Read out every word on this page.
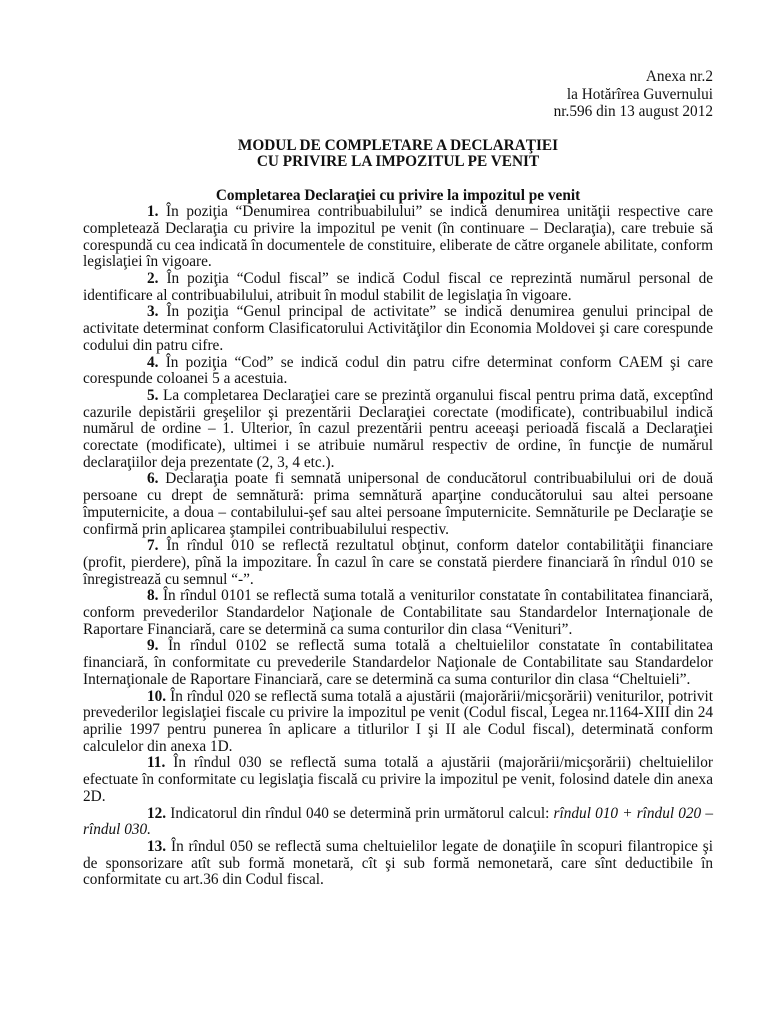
Anexa nr.2
la Hotărîrea Guvernului
nr.596 din 13 august 2012
MODUL DE COMPLETARE A DECLARAŢIEI
CU PRIVIRE LA IMPOZITUL PE VENIT
Completarea Declaraţiei cu privire la impozitul pe venit

1. În poziţia “Denumirea contribuabilului” se indică denumirea unităţii respective care completează Declaraţia cu privire la impozitul pe venit (în continuare – Declaraţia), care trebuie să corespundă cu cea indicată în documentele de constituire, eliberate de către organele abilitate, conform legislaţiei în vigoare.

2. În poziţia “Codul fiscal” se indică Codul fiscal ce reprezintă numărul personal de identificare al contribuabilului, atribuit în modul stabilit de legislaţia în vigoare.

3. În poziţia “Genul principal de activitate” se indică denumirea genului principal de activitate determinat conform Clasificatorului Activităţilor din Economia Moldovei şi care corespunde codului din patru cifre.

4. În poziţia “Cod” se indică codul din patru cifre determinat conform CAEM şi care corespunde coloanei 5 a acestuia.

5. La completarea Declaraţiei care se prezintă organului fiscal pentru prima dată, exceptînd cazurile depistării greşelilor şi prezentării Declaraţiei corectate (modificate), contribuabilul indică numărul de ordine – 1. Ulterior, în cazul prezentării pentru aceeaşi perioadă fiscală a Declaraţiei corectate (modificate), ultimei i se atribuie numărul respectiv de ordine, în funcţie de numărul declaraţiilor deja prezentate (2, 3, 4 etc.).

6. Declaraţia poate fi semnată unipersonal de conducătorul contribuabilului ori de două persoane cu drept de semnătură: prima semnătură aparţine conducătorului sau altei persoane împuternicite, a doua – contabilului-şef sau altei persoane împuternicite. Semnăturile pe Declaraţie se confirmă prin aplicarea ştampilei contribuabilului respectiv.

7. În rîndul 010 se reflectă rezultatul obţinut, conform datelor contabilităţii financiare (profit, pierdere), pînă la impozitare. În cazul în care se constată pierdere financiară în rîndul 010 se înregistrează cu semnul “-”.

8. În rîndul 0101 se reflectă suma totală a veniturilor constatate în contabilitatea financiară, conform prevederilor Standardelor Naţionale de Contabilitate sau Standardelor Internaţionale de Raportare Financiară, care se determină ca suma conturilor din clasa “Venituri”.

9. În rîndul 0102 se reflectă suma totală a cheltuielilor constatate în contabilitatea financiară, în conformitate cu prevederile Standardelor Naţionale de Contabilitate sau Standardelor Internaţionale de Raportare Financiară, care se determină ca suma conturilor din clasa “Cheltuieli”.

10. În rîndul 020 se reflectă suma totală a ajustării (majorării/micşorării) veniturilor, potrivit prevederilor legislaţiei fiscale cu privire la impozitul pe venit (Codul fiscal, Legea nr.1164-XIII din 24 aprilie 1997 pentru punerea în aplicare a titlurilor I şi II ale Codul fiscal), determinată conform calculelor din anexa 1D.

11. În rîndul 030 se reflectă suma totală a ajustării (majorării/micşorării) cheltuielilor efectuate în conformitate cu legislaţia fiscală cu privire la impozitul pe venit, folosind datele din anexa 2D.

12. Indicatorul din rîndul 040 se determină prin următorul calcul: rîndul 010 + rîndul 020 – rîndul 030.

13. În rîndul 050 se reflectă suma cheltuielilor legate de donaţiile în scopuri filantropice şi de sponsorizare atît sub formă monetară, cît şi sub formă nemonetară, care sînt deductibile în conformitate cu art.36 din Codul fiscal.
